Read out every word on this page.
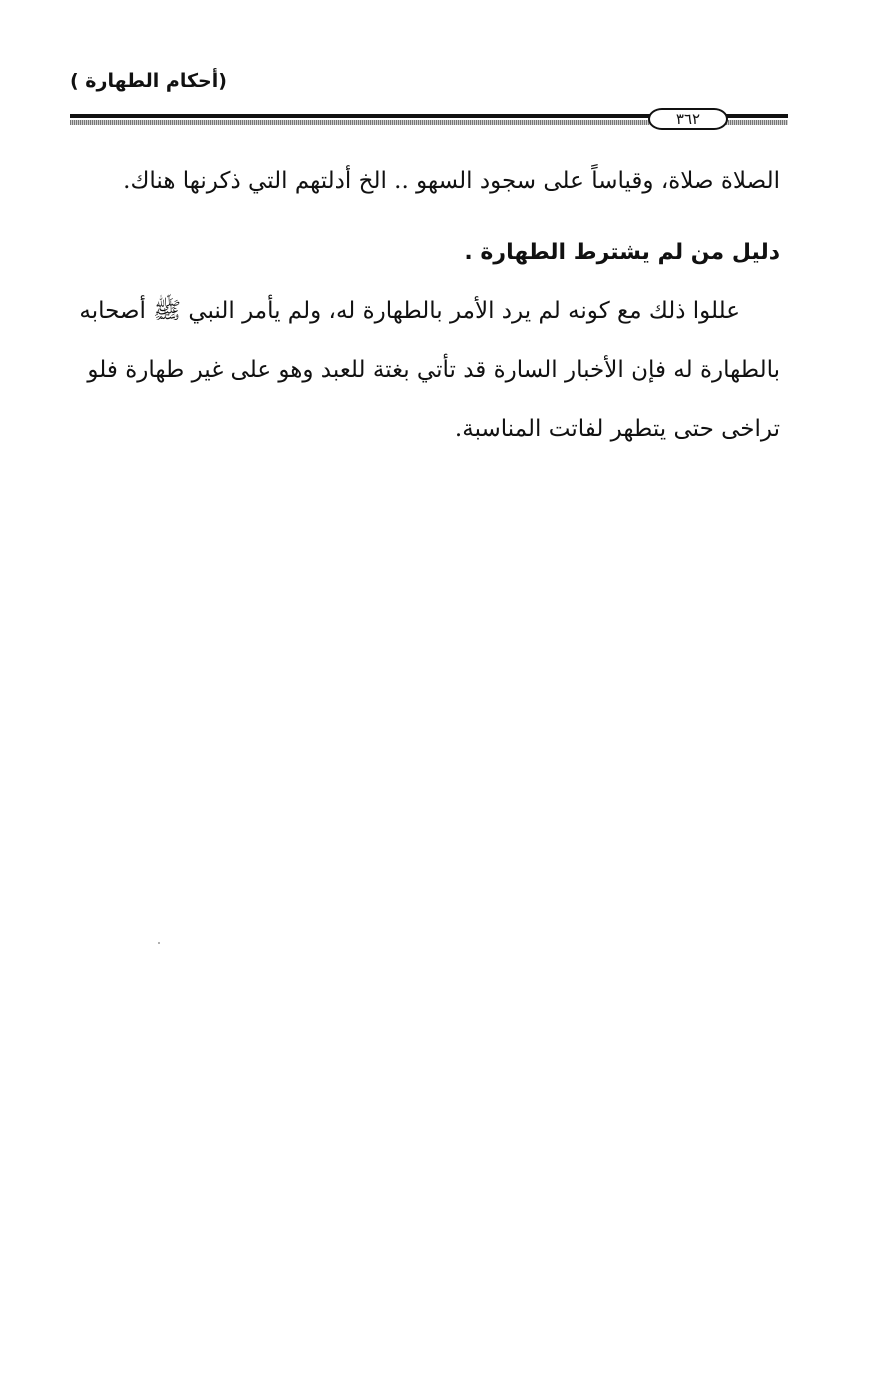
(أحكام الطهارة )
٣٦٢
الصلاة صلاة، وقياساً على سجود السهو .. الخ أدلتهم التي ذكرنها هناك.
دليل من لم يشترط الطهارة .
عللوا ذلك مع كونه لم يرد الأمر بالطهارة له، ولم يأمر النبي ﷺ أصحابه
بالطهارة له فإن الأخبار السارة قد تأتي بغتة للعبد وهو على غير طهارة فلو
تراخى حتى يتطهر لفاتت المناسبة.
